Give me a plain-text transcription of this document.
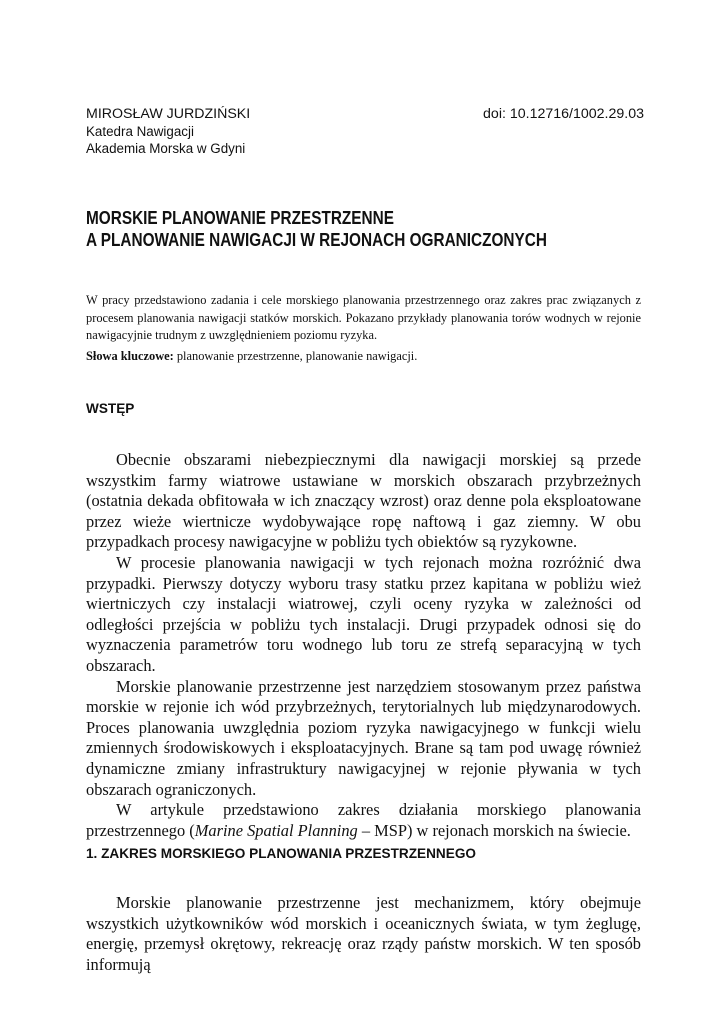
MIROSŁAW JURDZIŃSKI	doi: 10.12716/1002.29.03
Katedra Nawigacji
Akademia Morska w Gdyni
MORSKIE PLANOWANIE PRZESTRZENNE
A PLANOWANIE NAWIGACJI W REJONACH OGRANICZONYCH

W pracy przedstawiono zadania i cele morskiego planowania przestrzennego oraz zakres prac związanych z procesem planowania nawigacji statków morskich. Pokazano przykłady planowania torów wodnych w rejonie nawigacyjnie trudnym z uwzględnieniem poziomu ryzyka.

Słowa kluczowe: planowanie przestrzenne, planowanie nawigacji.

WSTĘP

Obecnie obszarami niebezpiecznymi dla nawigacji morskiej są przede wszystkim farmy wiatrowe ustawiane w morskich obszarach przybrzeżnych (ostatnia dekada obfitowała w ich znaczący wzrost) oraz denne pola eksploatowane przez wieże wiertnicze wydobywające ropę naftową i gaz ziemny. W obu przypadkach procesy nawigacyjne w pobliżu tych obiektów są ryzykowne.

W procesie planowania nawigacji w tych rejonach można rozróżnić dwa przypadki. Pierwszy dotyczy wyboru trasy statku przez kapitana w pobliżu wież wiertniczych czy instalacji wiatrowej, czyli oceny ryzyka w zależności od odległości przejścia w pobliżu tych instalacji. Drugi przypadek odnosi się do wyznaczenia parametrów toru wodnego lub toru ze strefą separacyjną w tych obszarach.

Morskie planowanie przestrzenne jest narzędziem stosowanym przez państwa morskie w rejonie ich wód przybrzeżnych, terytorialnych lub międzynarodowych. Proces planowania uwzględnia poziom ryzyka nawigacyjnego w funkcji wielu zmiennych środowiskowych i eksploatacyjnych. Brane są tam pod uwagę również dynamiczne zmiany infrastruktury nawigacyjnej w rejonie pływania w tych obszarach ograniczonych.

W artykule przedstawiono zakres działania morskiego planowania przestrzennego (Marine Spatial Planning – MSP) w rejonach morskich na świecie.

1. ZAKRES MORSKIEGO PLANOWANIA PRZESTRZENNEGO

Morskie planowanie przestrzenne jest mechanizmem, który obejmuje wszystkich użytkowników wód morskich i oceanicznych świata, w tym żeglugę, energię, przemysł okrętowy, rekreację oraz rządy państw morskich. W ten sposób informują
